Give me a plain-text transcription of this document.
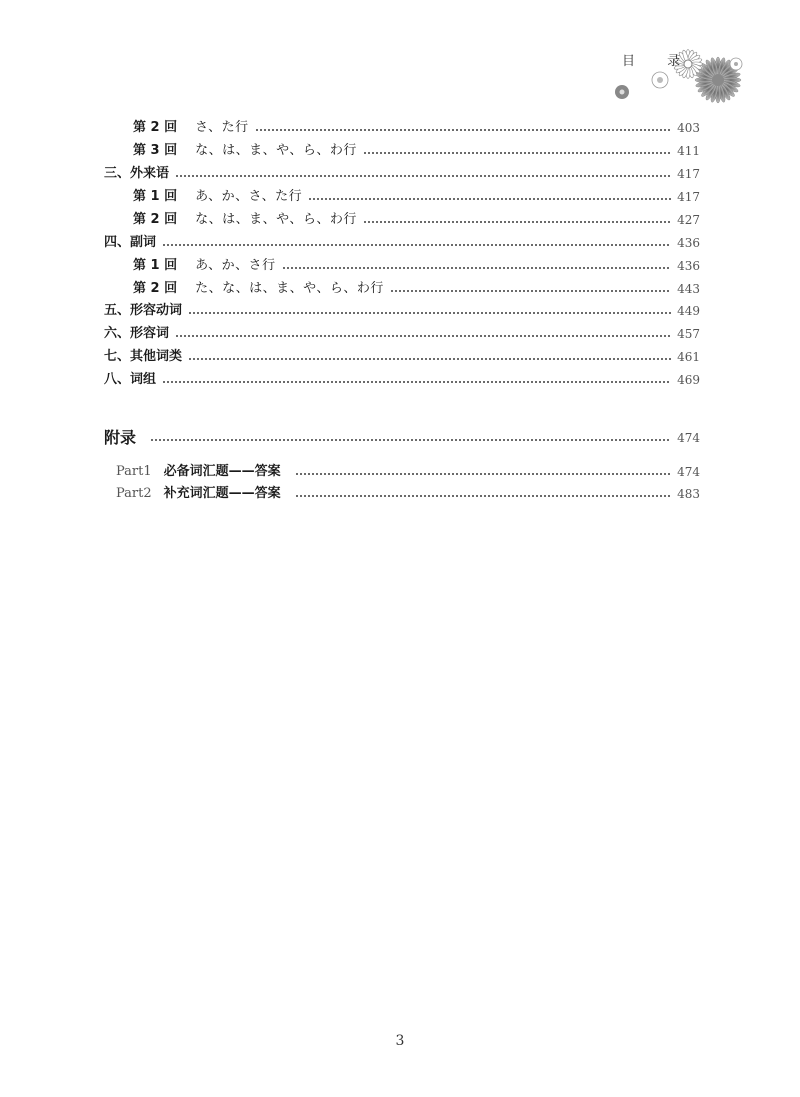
目 录
第 2 回 さ、た行	403
第 3 回 な、は、ま、や、ら、わ行	411
三、外来语	417
第 1 回 あ、か、さ、た行	417
第 2 回 な、は、ま、や、ら、わ行	427
四、副词	436
第 1 回 あ、か、さ行	436
第 2 回 た、な、は、ま、や、ら、わ行	443
五、形容动词	449
六、形容词	457
七、其他词类	461
八、词组	469
附录	474
Part1 必备词汇题——答案	474
Part2 补充词汇题——答案	483
3
